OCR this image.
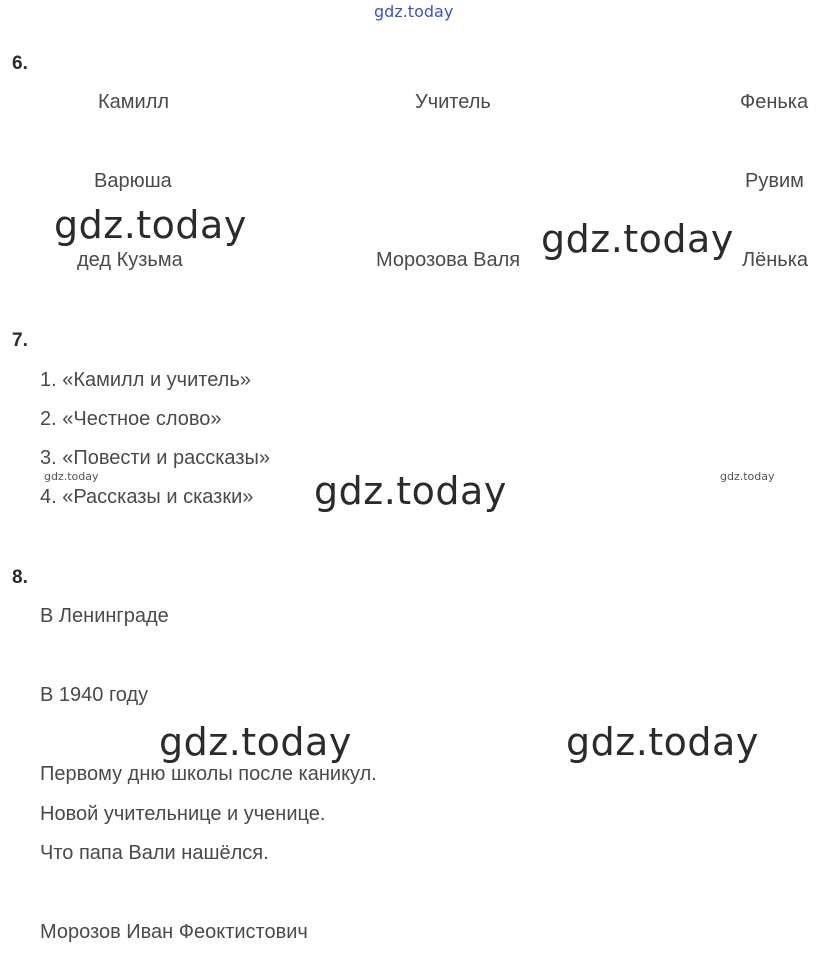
gdz.today
6.
Камилл	Учитель	Фенька
Варюша	Рувим
gdz.today
дед Кузьма	Морозова Валя gdz.today Лёнька
7.
1. «Камилл и учитель»
2. «Честное слово»
3. «Повести и рассказы»
gdz.today
4. «Рассказы и сказки» gdz.today	gdz.today
8.
В Ленинграде
В 1940 году
gdz.today	gdz.today
Первому дню школы после каникул.
Новой учительнице и ученице.
Что папа Вали нашёлся.
Морозов Иван Феоктистович
